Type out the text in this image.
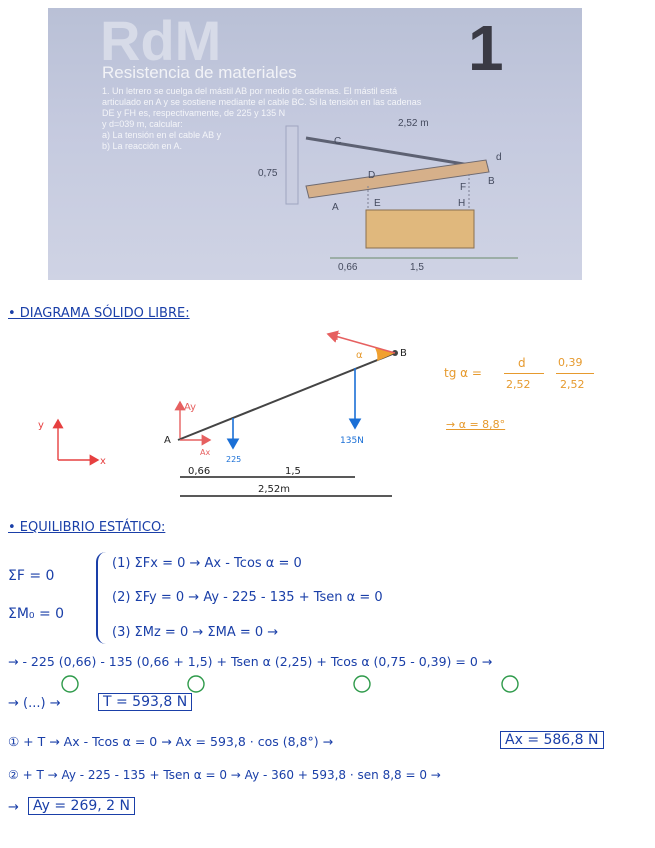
RdM	1
Resistencia de materiales
1. Un letrero se cuelga del mástil AB por medio de cadenas. El mástil está
articulado en A y se sostiene mediante el cable BC. Si la tensión en las cadenas
DE y FH es, respectivamente, de 225 y 135 N
y d=039 m, calcular:
a) La tensión en el cable AB y
b) La reacción en A.
2,52 m
0,75
d
C
D
F
B
A	E	H
0,66	1,5
• DIAGRAMA SÓLIDO LIBRE:
T
α	B
A
Ay
Ax
225
135N
y
x
0,66	1,5
2,52m
tg α =
d
2,52
0,39
2,52
→ α = 8,8°
• EQUILIBRIO ESTÁTICO:
ΣF = 0
ΣM₀ = 0
(1) ΣFx = 0 → Ax - Tcos α = 0
(2) ΣFy = 0 → Ay - 225 - 135 + Tsen α = 0
(3) ΣMz = 0 → ΣMA = 0 →
→ - 225 (0,66) - 135 (0,66 + 1,5) + Tsen α (2,25) + Tcos α (0,75 - 0,39) = 0 →
→ (...) →	T = 593,8 N
① + T → Ax - Tcos α = 0 → Ax = 593,8 · cos (8,8°) →	Ax = 586,8 N
② + T → Ay - 225 - 135 + Tsen α = 0 → Ay - 360 + 593,8 · sen 8,8 = 0 →
→	Ay = 269, 2 N
